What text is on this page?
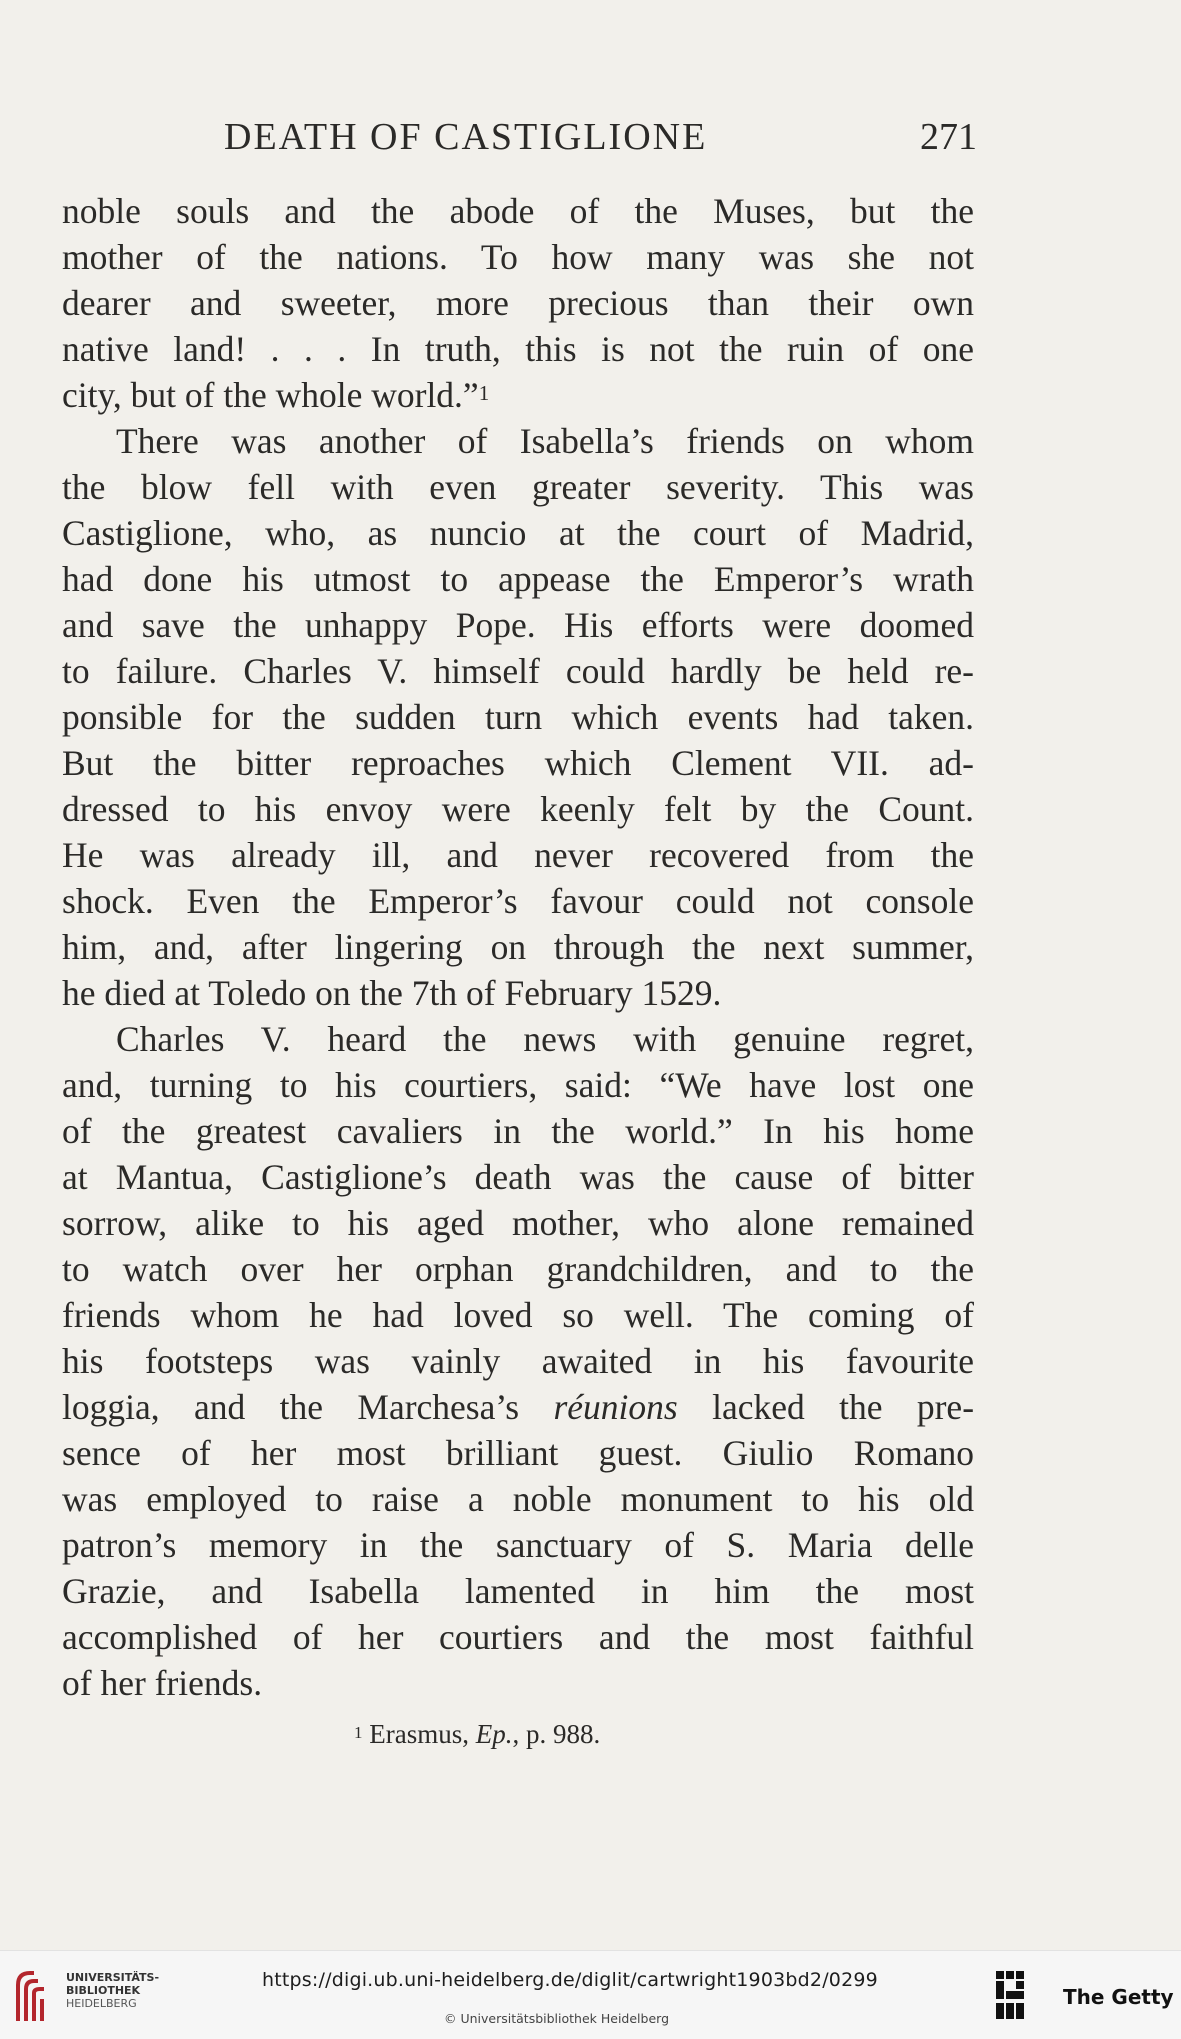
DEATH OF CASTIGLIONE	271
noble souls and the abode of the Muses, but the
mother of the nations. To how many was she not
dearer and sweeter, more precious than their own
native land! . . . In truth, this is not the ruin of one
city, but of the whole world.”$^1$
There was another of Isabella’s friends on whom
the blow fell with even greater severity. This was
Castiglione, who, as nuncio at the court of Madrid,
had done his utmost to appease the Emperor’s wrath
and save the unhappy Pope. His efforts were doomed
to failure. Charles V. himself could hardly be held re-
ponsible for the sudden turn which events had taken.
But the bitter reproaches which Clement VII. ad-
dressed to his envoy were keenly felt by the Count.
He was already ill, and never recovered from the
shock. Even the Emperor’s favour could not console
him, and, after lingering on through the next summer,
he died at Toledo on the 7th of February 1529.
Charles V. heard the news with genuine regret,
and, turning to his courtiers, said: “We have lost one
of the greatest cavaliers in the world.” In his home
at Mantua, Castiglione’s death was the cause of bitter
sorrow, alike to his aged mother, who alone remained
to watch over her orphan grandchildren, and to the
friends whom he had loved so well. The coming of
his footsteps was vainly awaited in his favourite
loggia, and the Marchesa’s réunions lacked the pre-
sence of her most brilliant guest. Giulio Romano
was employed to raise a noble monument to his old
patron’s memory in the sanctuary of S. Maria delle
Grazie, and Isabella lamented in him the most
accomplished of her courtiers and the most faithful
of her friends.
$^1$ Erasmus, Ep., p. 988.
UNIVERSITÄTS-
BIBLIOTHEK
HEIDELBERG
https://digi.ub.uni-heidelberg.de/diglit/cartwright1903bd2/0299
© Universitätsbibliothek Heidelberg
The Getty
